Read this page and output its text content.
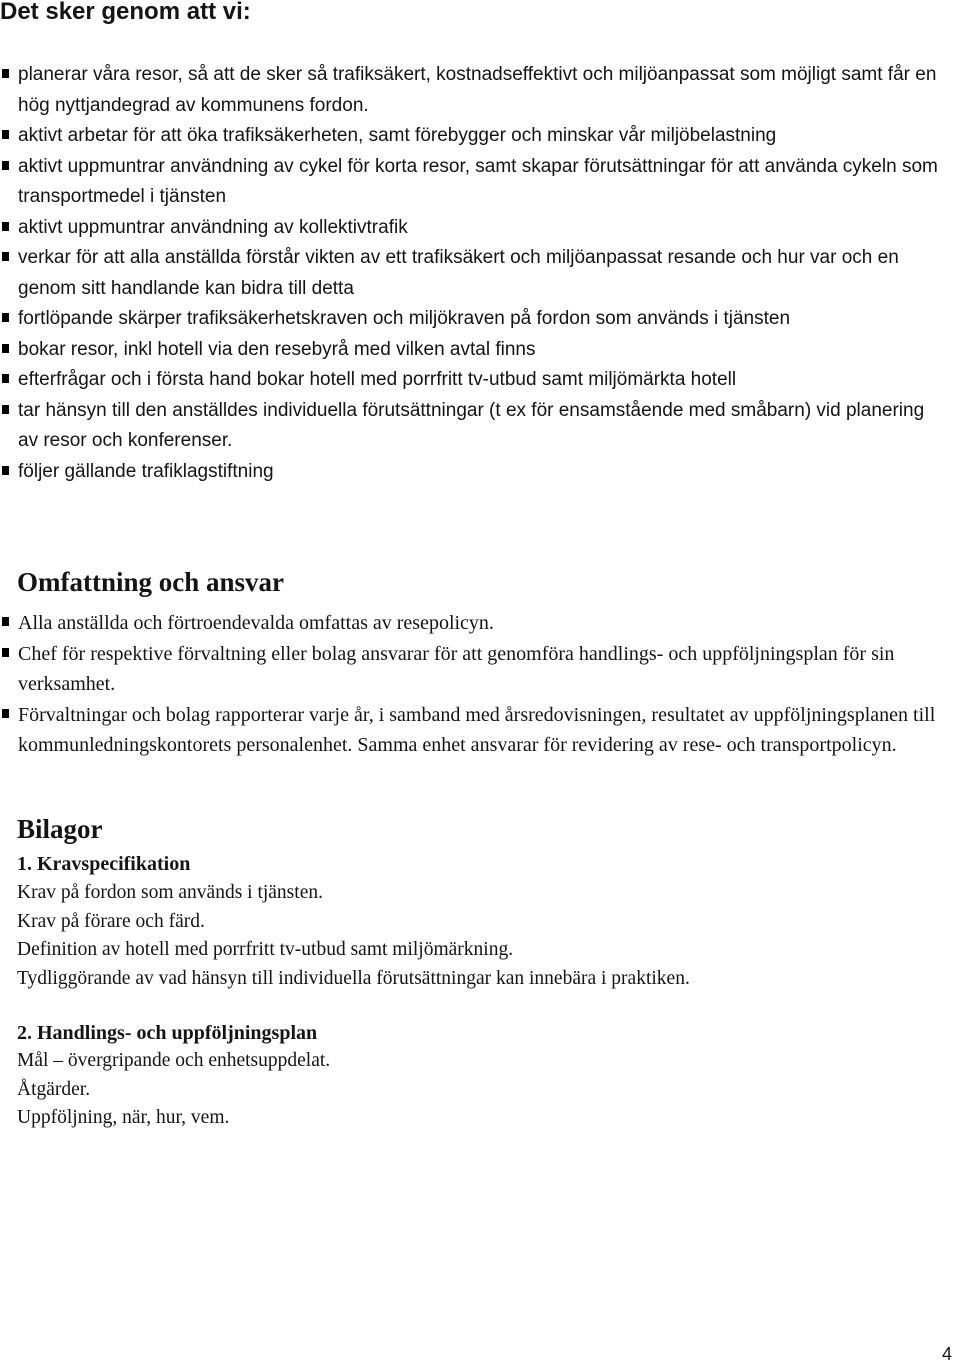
Det sker genom att vi:
planerar våra resor, så att de sker så trafiksäkert, kostnadseffektivt och miljöanpassat som möjligt samt får en hög nyttjandegrad av kommunens fordon.
aktivt arbetar för att öka trafiksäkerheten, samt förebygger och minskar vår miljöbelastning
aktivt uppmuntrar användning av cykel för korta resor, samt skapar förutsättningar för att använda cykeln som transportmedel i tjänsten
aktivt uppmuntrar användning av kollektivtrafik
verkar för att alla anställda förstår vikten av ett trafiksäkert och miljöanpassat resande och hur var och en genom sitt handlande kan bidra till detta
fortlöpande skärper trafiksäkerhetskraven och miljökraven på fordon som används i tjänsten
bokar resor, inkl hotell via den resebyrå med vilken avtal finns
efterfrågar och i första hand bokar hotell med porrfritt tv-utbud samt miljömärkta hotell
tar hänsyn till den anställdes individuella förutsättningar (t ex för ensamstående med småbarn) vid planering av resor och konferenser.
följer gällande trafiklagstiftning
Omfattning och ansvar
Alla anställda och förtroendevalda omfattas av resepolicyn.
Chef för respektive förvaltning eller bolag ansvarar för att genomföra handlings- och uppföljningsplan för sin verksamhet.
Förvaltningar och bolag rapporterar varje år, i samband med årsredovisningen, resultatet av uppföljningsplanen till kommunledningskontorets personalenhet. Samma enhet ansvarar för revidering av rese- och transportpolicyn.
Bilagor
1. Kravspecifikation
Krav på fordon som används i tjänsten.
Krav på förare och färd.
Definition av hotell med porrfritt tv-utbud samt miljömärkning.
Tydliggörande av vad hänsyn till individuella förutsättningar kan innebära i praktiken.
2. Handlings- och uppföljningsplan
Mål – övergripande och enhetsuppdelat.
Åtgärder.
Uppföljning, när, hur, vem.
4
